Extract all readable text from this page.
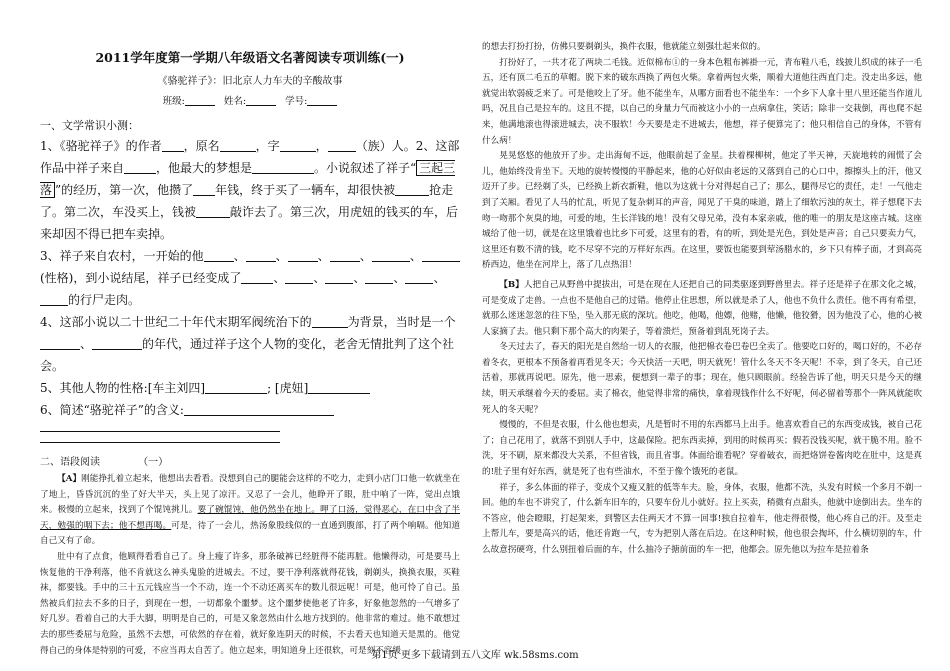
2011学年度第一学期八年级语文名著阅读专项训练(一)

《骆驼祥子》：旧北京人力车夫的辛酸故事

班级:	姓名:	学号:

一、文学常识小测：

1、《骆驼祥子》的作者 ，原名	，字	， （族）人。2、这部作品中祥子来自	，他最大的梦想是	。小说叙述了祥子“ 三起三落 ”的经历，第一次，他攒了 年钱，终于买了一辆车，却很快被	抢走了。第二次，车没买上，钱被	敲诈去了。第三次，用虎妞的钱买的车，后来却因不得已把车卖掉。

3、祥子来自农村，一开始的他	、	、	、	、	、(性格)，到小说结尾，祥子已经变成了	、 、 、 、 、的行尸走肉。

4、这部小说以二十世纪二十年代末期军阀统治下的	为背景，当时是一个、	的年代，通过祥子这个人物的变化，老舍无情批判了这个社会。

5、其他人物的性格:[车主刘四]	; [虎妞]

6、简述“骆驼祥子”的含义:

二、语段阅读	（一）

【A】刚能挣扎着立起来，他想出去看看。没想到自己的腿能会这样的不吃力，走到小店门口他一软就坐在了地上，昏昏沉沉的坐了好大半天，头上见了凉汗。又忍了一会儿，他睁开了眼，肚中响了一阵，觉出点饿来。极慢的立起来，找到了个馄饨挑儿。要了碗馄饨，他仍然坐在地上。呷了口汤，觉得恶心，在口中含了半天，勉强的咽下去；他不想再喝。可是，待了一会儿，热汤象股线似的一直通到腹部，打了两个响嗝。他知道自己又有了命。

肚中有了点食，他顾得看看自己了。身上瘦了许多，那条破裤已经脏得不能再脏。他懒得动，可是要马上恢复他的干净利落，他不肯就这么神头鬼脸的进城去。不过，要干净利落就得花钱，剃剃头，换换衣服，买鞋袜，都要钱。手中的三十五元钱应当一个不动，连一个不动还离买车的数儿很远呢！可是，他可怜了自己。虽然被兵们拉去不多的日子，到现在一想，一切都象个噩梦。这个噩梦使他老了许多，好象他忽然的一气增多了好几岁。看着自己的大手大脚，明明是自己的，可是又象忽然由什么地方找到的。他非常的难过。他不敢想过去的那些委屈与危险，虽然不去想，可依然的存在着，就好象连阴天的时候，不去看天也知道天是黑的。他觉得自己的身体是特别的可爱，不应当再太自苦了。他立起来，明知道身上还很软，可是刻不容缓

的想去打扮打扮，仿佛只要剃剃头，换件衣服，他就能立刻强壮起来似的。

打扮好了，一共才花了两块二毛钱。近似棉布①的一身本色粗布裤褂一元，青布鞋八毛，线披儿织成的袜子一毛五，还有顶二毛五的草帽。脱下来的破东西换了两包火柴。拿着两包火柴，顺着大道他往西直门走。没走出多远，他就觉出软弱疲乏来了。可是他咬上了牙。他不能坐车，从哪方面看也不能坐车：一个乡下人拿十里八里还能当作道儿吗，况且自己是拉车的。这且不提，以自己的身量力气而被这小小的一点病拿住，笑话；除非一交栽倒，再也爬不起来，他满地滚也得滚进城去，决不服软！今天要是走不进城去，他想，祥子便算完了；他只相信自己的身体，不管有什么病！

晃晃悠悠的他放开了步。走出海甸不远，他眼前起了金星。扶着棵柳树，他定了半天神，天旋地转的闹慌了会儿，他始终没肯坐下。天地的旋转慢慢的平静起来，他的心好似由老远的又落到自己的心口中，擦擦头上的汗，他又迈开了步。已经剃了头，已经换上新衣新鞋，他以为这就十分对得起自己了；那么，腿得尽它的责任，走！一气他走到了关厢。看见了人马的忙乱，听见了复杂刺耳的声音，闻见了干臭的味道，踏上了细软污浊的灰土，祥子想爬下去吻一吻那个灰臭的地，可爱的地，生长洋钱的地！没有父母兄弟，没有本家亲戚，他的唯一的朋友是这座古城。这座城给了他一切，就是在这里饿着也比乡下可爱，这里有的看，有的听，到处是光色，到处是声音；自己只要卖力气，这里还有数不清的钱，吃不尽穿不完的万样好东西。在这里，要饭也能要到荤汤腊水的，乡下只有棒子面，才到高亮桥西边，他坐在河岸上，落了几点热泪！

【B】人把自己从野兽中提拔出，可是在现在人还把自己的同类驱逐到野兽里去。祥子还是祥子在那文化之城，可是变成了走兽。一点也不是他自己的过错。他停止住思想，所以就是杀了人，他也不负什么责任。他不再有希望，就那么迷迷忽忽的往下坠，坠入那无底的深坑。他吃，他喝，他嫖，他赌，他懒，他狡猾，因为他没了心，他的心被人家摘了去。他只剩下那个高大的肉架子，等着溃烂，预备着到乱死岗子去。

冬天过去了，春天的阳光是自然给一切人的衣服，他把棉衣卷巴卷巴全卖了。他要吃口好的，喝口好的，不必存着冬衣，更根本不预备着再看见冬天；今天快活一天吧，明天就死！管什么冬天不冬天呢！不幸，到了冬天，自己还活着，那就再说吧。原先，他一思索，便想到一辈子的事；现在，他只顾眼前。经验告诉了他，明天只是今天的继续，明天承继着今天的委屈。卖了棉衣，他觉得非常的痛快，拿着现钱作什么不好呢，何必留着等那个一阵风就能吹死人的冬天呢？

慢慢的，不但是衣服，什么他也想卖，凡是暂时不用的东西都马上出手。他喜欢看自己的东西变成钱，被自己花了；自己花用了，就落不到别人手中，这最保险。把东西卖掉，到用的时候再买；假若没钱买呢，就干脆不用。脸不洗，牙不刷，原来都没大关系，不但省钱，而且省事。体面给谁看呢？穿着破衣，而把烙饼卷酱肉吃在肚中，这是真的!肚子里有好东西，就是死了也有些油水，不至于像个饿死的老鼠。

祥子，多么体面的祥子，变成个又瘦又脏的低等车夫。脸，身体，衣服，他都不洗，头发有时候一个多月不剃一回。他的车也不讲究了，什么新车旧车的，只要车份儿小就好。拉上买卖，稍微有点甜头，他就中途倒出去。坐车的不答应，他会瞪眼，打起架来，到警区去住两天才不算一回事!独自拉着车，他走得很慢，他心疼自己的汗。及至走上帮儿车，要是高兴的话，他还肯跑一气，专为把别人落在后边。在这种时候，他也很会掏坏，什么横切别的车，什么故意拐硬弯，什么别扭着后面的车，什么抽冷子搪前面的车一把，他都会。原先他以为拉车是拉着条

第1页 更多下载请到五八文库 wk.58sms.com
